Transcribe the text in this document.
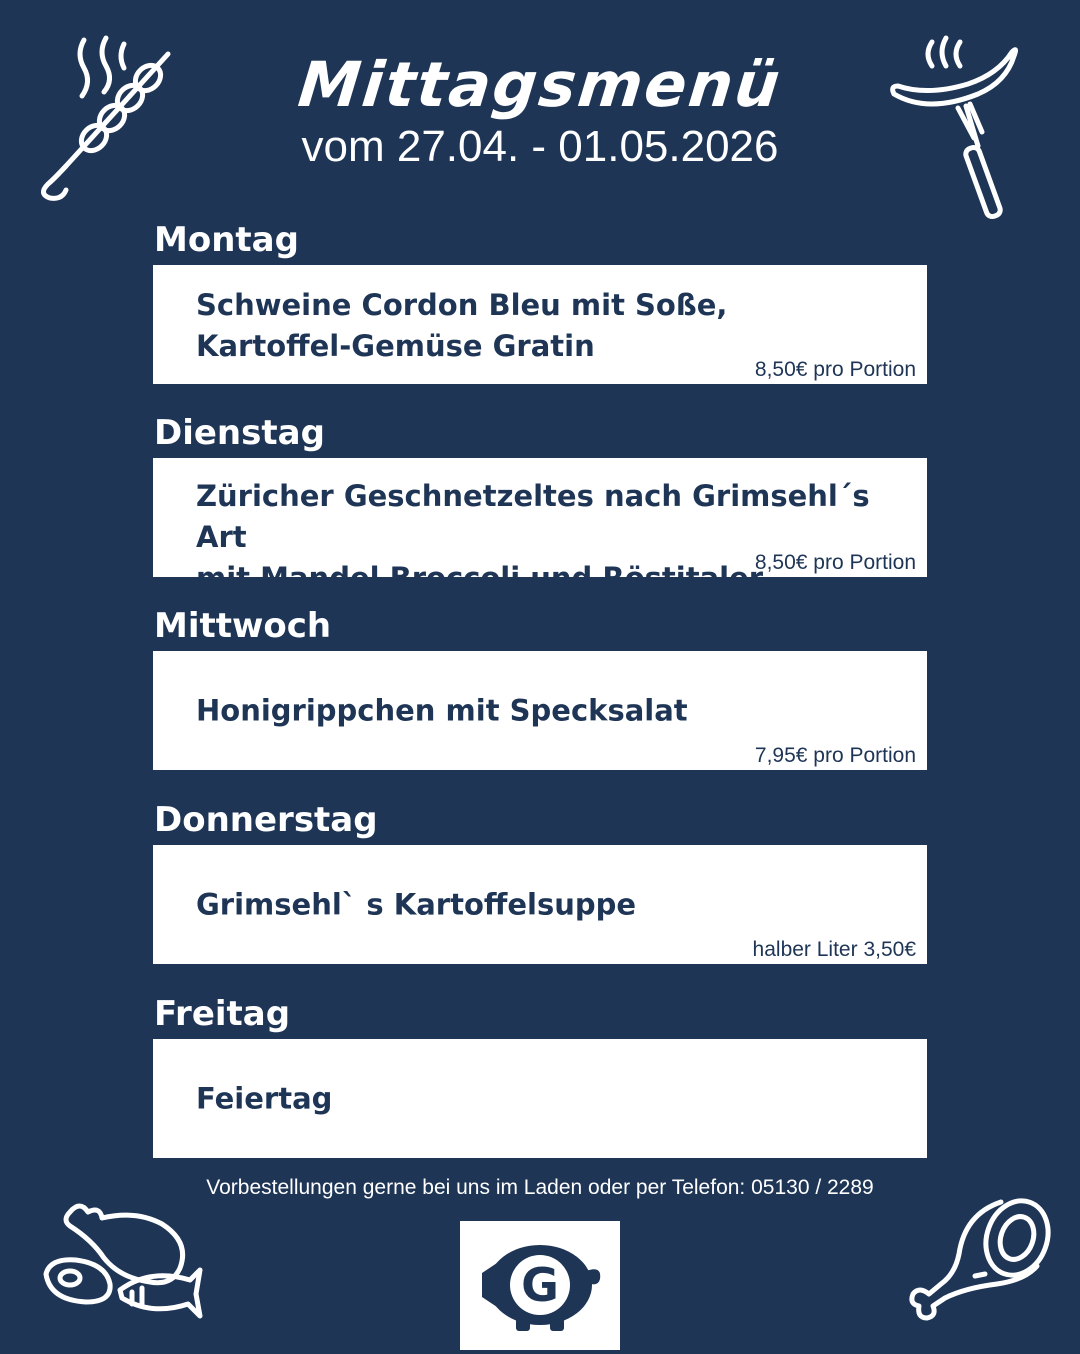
Mittagsmenü
vom 27.04. - 01.05.2026
Montag
Schweine Cordon Bleu mit Soße,
Kartoffel-Gemüse Gratin
8,50€ pro Portion
Dienstag
Züricher Geschnetzeltes nach Grimsehl´s Art
mit Mandel Broccoli und Röstitaler
8,50€ pro Portion
Mittwoch
Honigrippchen mit Specksalat
7,95€ pro Portion
Donnerstag
Grimsehl` s Kartoffelsuppe
halber Liter 3,50€
Freitag
Feiertag
Vorbestellungen gerne bei uns im Laden oder per Telefon: 05130 / 2289
G
